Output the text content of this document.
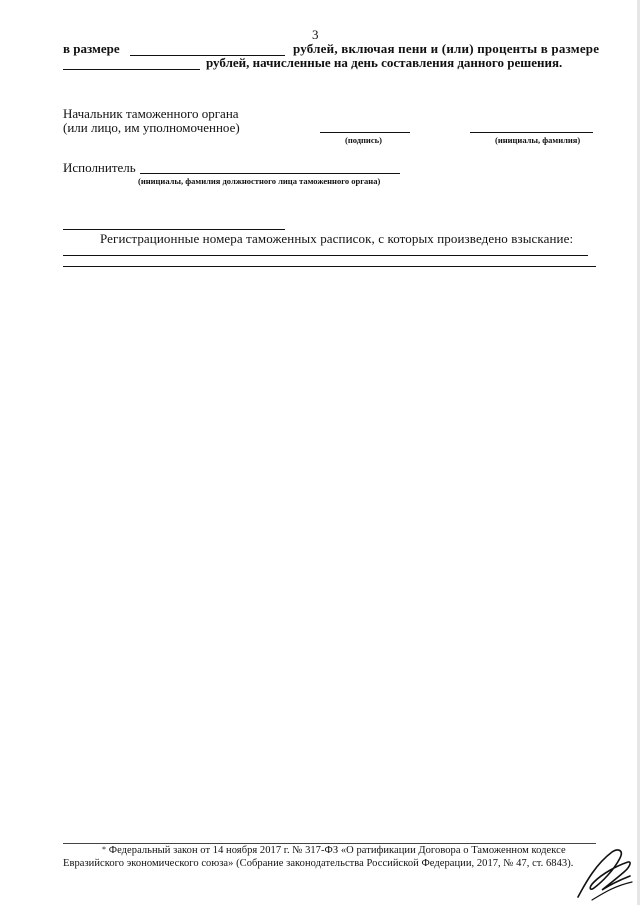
3
в размере	рублей, включая пени и (или) проценты в размере
рублей, начисленные на день составления данного решения.
Начальник таможенного органа
(или лицо, им уполномоченное)
(подпись)	(инициалы, фамилия)
Исполнитель
(инициалы, фамилия должностного лица таможенного органа)
Регистрационные номера таможенных расписок, с которых произведено взыскание:
* Федеральный закон от 14 ноября 2017 г. № 317-ФЗ «О ратификации Договора о Таможенном кодексе
Евразийского экономического союза» (Собрание законодательства Российской Федерации, 2017, № 47, ст. 6843).
